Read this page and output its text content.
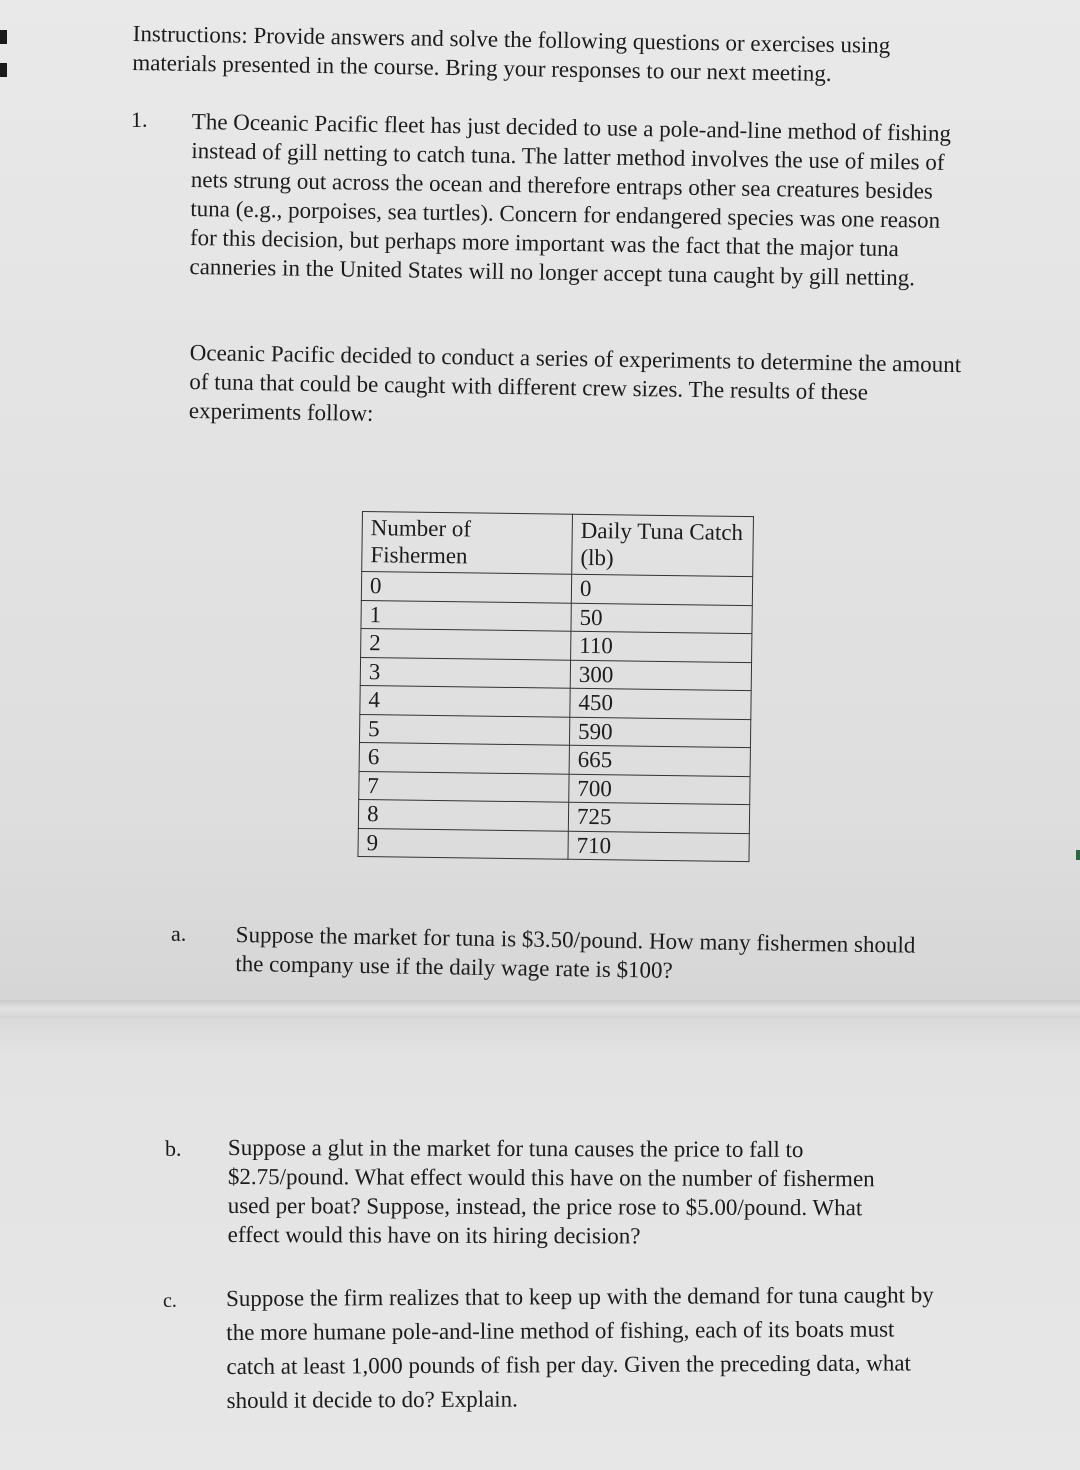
Instructions: Provide answers and solve the following questions or exercises using materials presented in the course. Bring your responses to our next meeting.

1. The Oceanic Pacific fleet has just decided to use a pole-and-line method of fishing instead of gill netting to catch tuna. The latter method involves the use of miles of nets strung out across the ocean and therefore entraps other sea creatures besides tuna (e.g., porpoises, sea turtles). Concern for endangered species was one reason for this decision, but perhaps more important was the fact that the major tuna canneries in the United States will no longer accept tuna caught by gill netting.

Oceanic Pacific decided to conduct a series of experiments to determine the amount of tuna that could be caught with different crew sizes. The results of these experiments follow:

Number of Fishermen	Daily Tuna Catch (lb)
0	0
1	50
2	110
3	300
4	450
5	590
6	665
7	700
8	725
9	710
a. Suppose the market for tuna is $3.50/pound. How many fishermen should the company use if the daily wage rate is $100?

b. Suppose a glut in the market for tuna causes the price to fall to $2.75/pound. What effect would this have on the number of fishermen used per boat? Suppose, instead, the price rose to $5.00/pound. What effect would this have on its hiring decision?

c. Suppose the firm realizes that to keep up with the demand for tuna caught by the more humane pole-and-line method of fishing, each of its boats must catch at least 1,000 pounds of fish per day. Given the preceding data, what should it decide to do? Explain.
